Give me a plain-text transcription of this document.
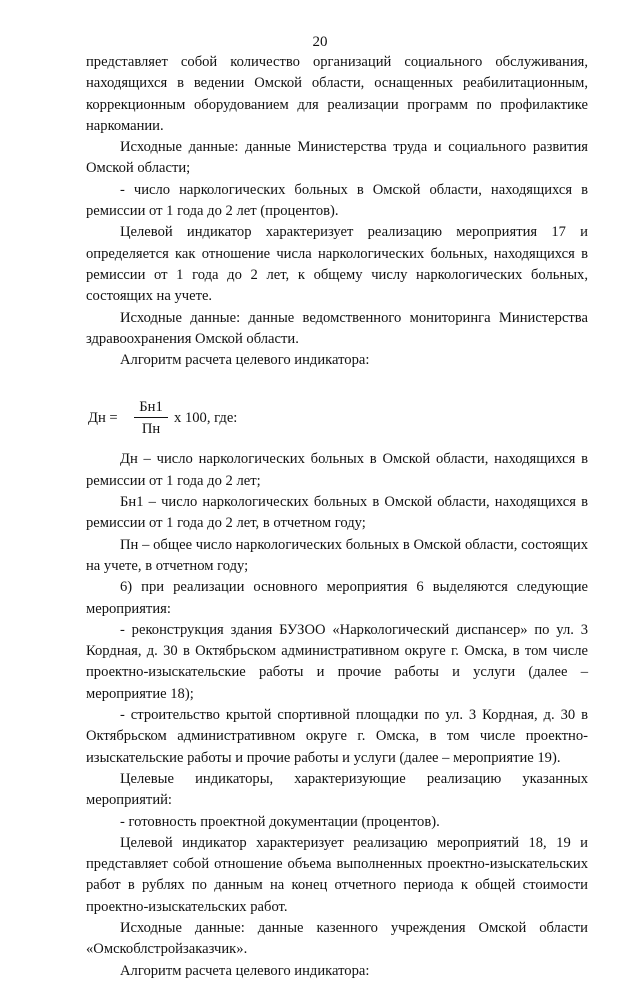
20

представляет собой количество организаций социального обслуживания, находящихся в ведении Омской области, оснащенных реабилитационным, коррекционным оборудованием для реализации программ по профилактике наркомании.

Исходные данные: данные Министерства труда и социального развития Омской области;

- число наркологических больных в Омской области, находящихся в ремиссии от 1 года до 2 лет (процентов).

Целевой индикатор характеризует реализацию мероприятия 17 и определяется как отношение числа наркологических больных, находящихся в ремиссии от 1 года до 2 лет, к общему числу наркологических больных, состоящих на учете.

Исходные данные: данные ведомственного мониторинга Министерства здравоохранения Омской области.

Алгоритм расчета целевого индикатора:

Дн =
Бн1
Пн
х 100, где:

Дн – число наркологических больных в Омской области, находящихся в ремиссии от 1 года до 2 лет;

Бн1 – число наркологических больных в Омской области, находящихся в ремиссии от 1 года до 2 лет, в отчетном году;

Пн – общее число наркологических больных в Омской области, состоящих на учете, в отчетном году;

6) при реализации основного мероприятия 6 выделяются следующие мероприятия:

- реконструкция здания БУЗОО «Наркологический диспансер» по ул. 3 Кордная, д. 30 в Октябрьском административном округе г. Омска, в том числе проектно-изыскательские работы и прочие работы и услуги (далее – мероприятие 18);

- строительство крытой спортивной площадки по ул. 3 Кордная, д. 30 в Октябрьском административном округе г. Омска, в том числе проектно-изыскательские работы и прочие работы и услуги (далее – мероприятие 19).

Целевые индикаторы, характеризующие реализацию указанных мероприятий:

- готовность проектной документации (процентов).

Целевой индикатор характеризует реализацию мероприятий 18, 19 и представляет собой отношение объема выполненных проектно-изыскательских работ в рублях по данным на конец отчетного периода к общей стоимости проектно-изыскательских работ.

Исходные данные: данные казенного учреждения Омской области «Омскоблстройзаказчик».

Алгоритм расчета целевого индикатора:
